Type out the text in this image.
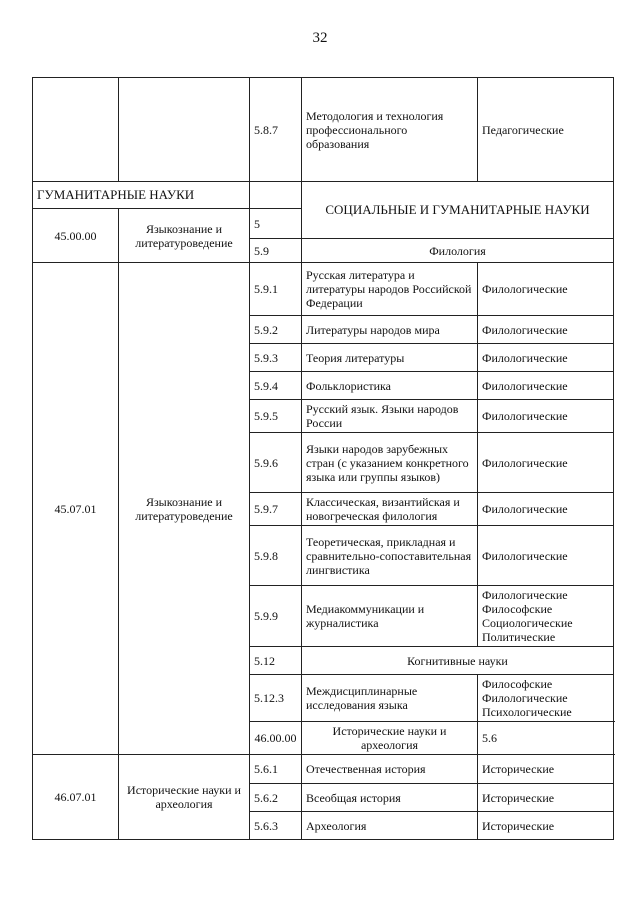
32
		5.8.7	Методология и технология профессионального образования	Педагогические	
ГУМАНИТАРНЫЕ НАУКИ			СОЦИАЛЬНЫЕ И ГУМАНИТАРНЫЕ НАУКИ		
45.00.00	Языкознание и литературоведение	5			
		5.9	Филология		
45.07.01	Языкознание и литературоведение	5.9.1	Русская литература и литературы народов Российской Федерации	Филологические	
		5.9.2	Литературы народов мира	Филологические	
		5.9.3	Теория литературы	Филологические	
		5.9.4	Фольклористика	Филологические	
		5.9.5	Русский язык. Языки народов России	Филологические	
		5.9.6	Языки народов зарубежных стран (с указанием конкретного языка или группы языков)	Филологические	
		5.9.7	Классическая, византийская и новогреческая филология	Филологические	
		5.9.8	Теоретическая, прикладная и сравнительно-сопоставительная лингвистика	Филологические	
		5.9.9	Медиакоммуникации и журналистика	Филологические Философские Социологические Политические	
		5.12	Когнитивные науки		
		5.12.3	Междисциплинарные исследования языка	Философские Филологические Психологические	
		46.00.00	Исторические науки и археология	5.6	
46.07.01	Исторические науки и археология	5.6.1	Отечественная история	Исторические	
		5.6.2	Всеобщая история	Исторические	
		5.6.3	Археология	Исторические	
